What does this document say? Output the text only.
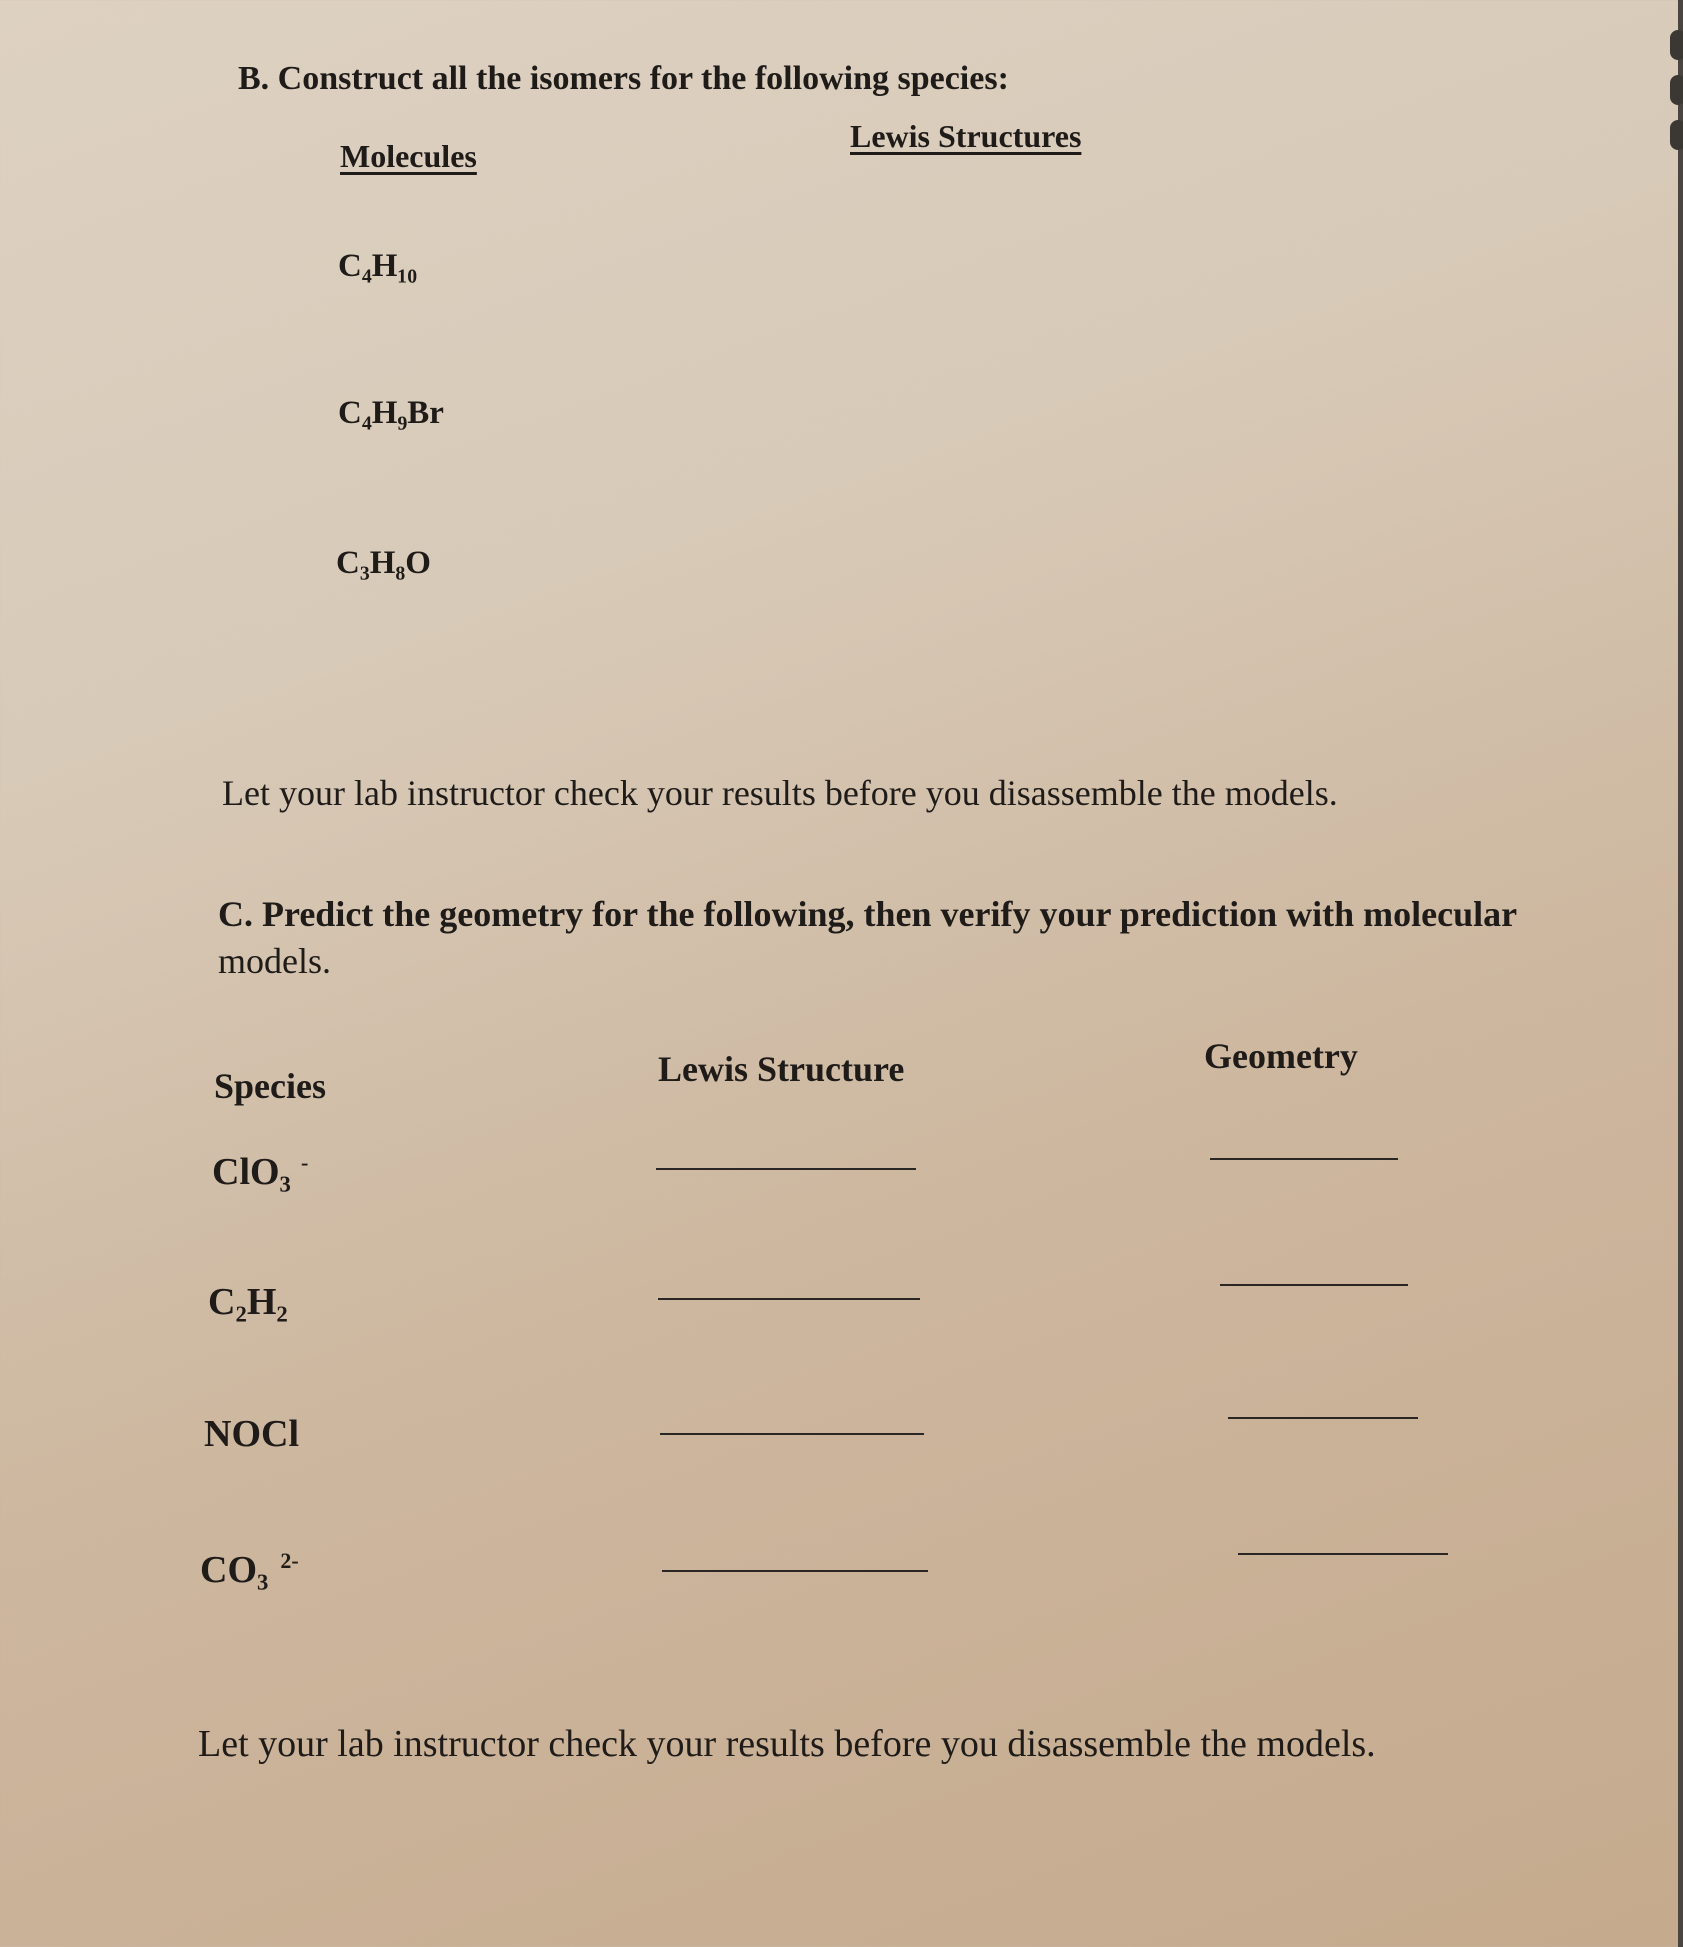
B. Construct all the isomers for the following species:
Molecules
Lewis Structures
C₄H₁₀
C₄H₉Br
C₃H₈O
Let your lab instructor check your results before you disassemble the models.
C. Predict the geometry for the following, then verify your prediction with molecular
models.
Species	Lewis Structure	Geometry
ClO₃ -
C₂H₂
NOCl
CO₃ 2-
Let your lab instructor check your results before you disassemble the models.
